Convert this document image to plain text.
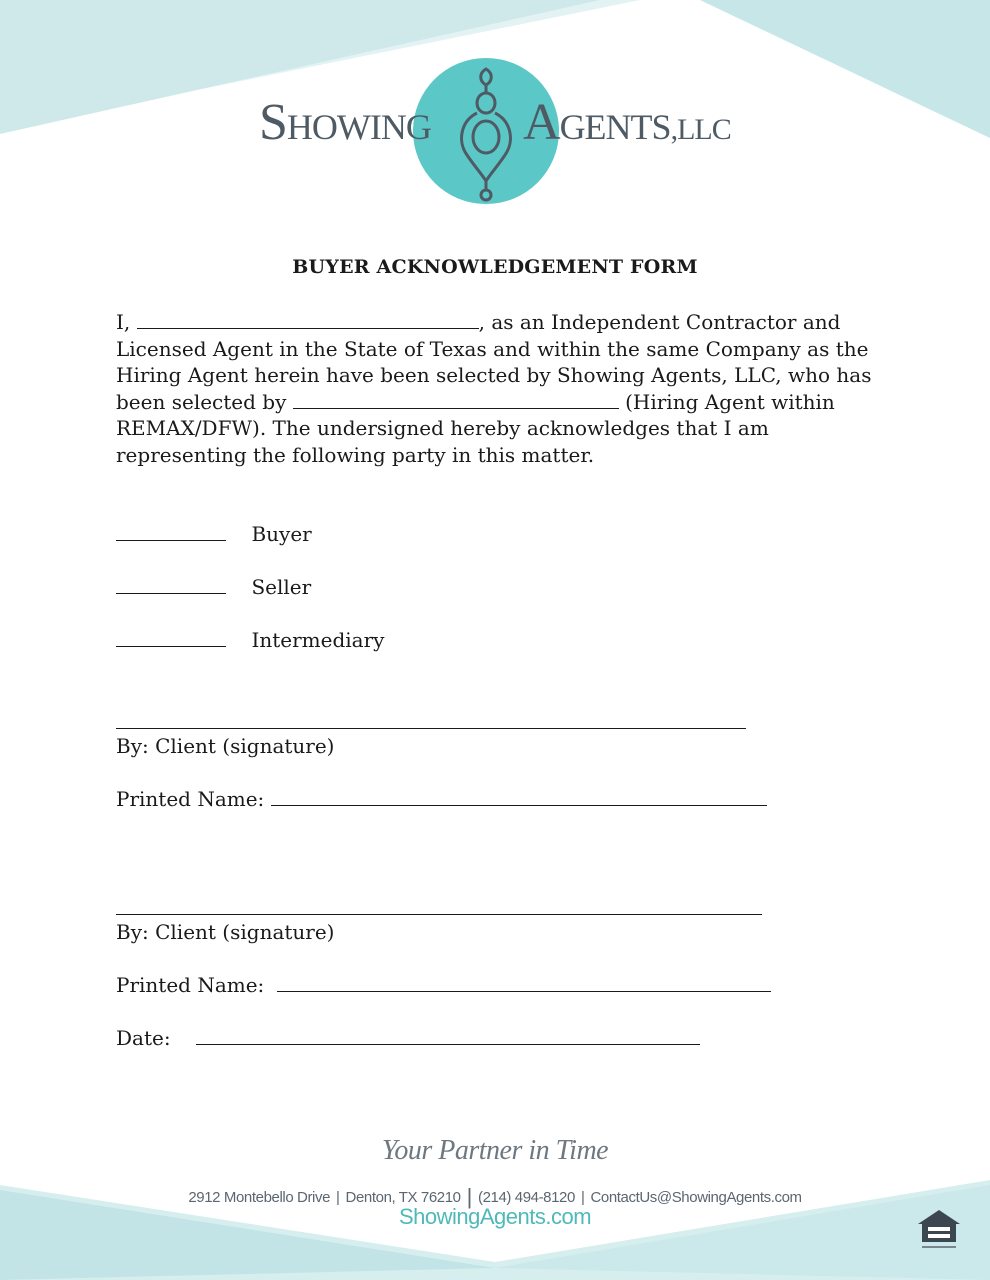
SHOWING AGENTS,LLC
BUYER ACKNOWLEDGEMENT FORM

I,	, as an Independent Contractor and Licensed Agent in the State of Texas and within the same Company as the Hiring Agent herein have been selected by Showing Agents, LLC, who has been selected by	(Hiring Agent within REMAX/DFW). The undersigned hereby acknowledges that I am representing the following party in this matter.

Buyer
Seller
Intermediary
By: Client (signature)
Printed Name:
By: Client (signature)
Printed Name:
Date:
Your Partner in Time
2912 Montebello Drive | Denton, TX 76210 | (214) 494-8120 | ContactUs@ShowingAgents.com
ShowingAgents.com
